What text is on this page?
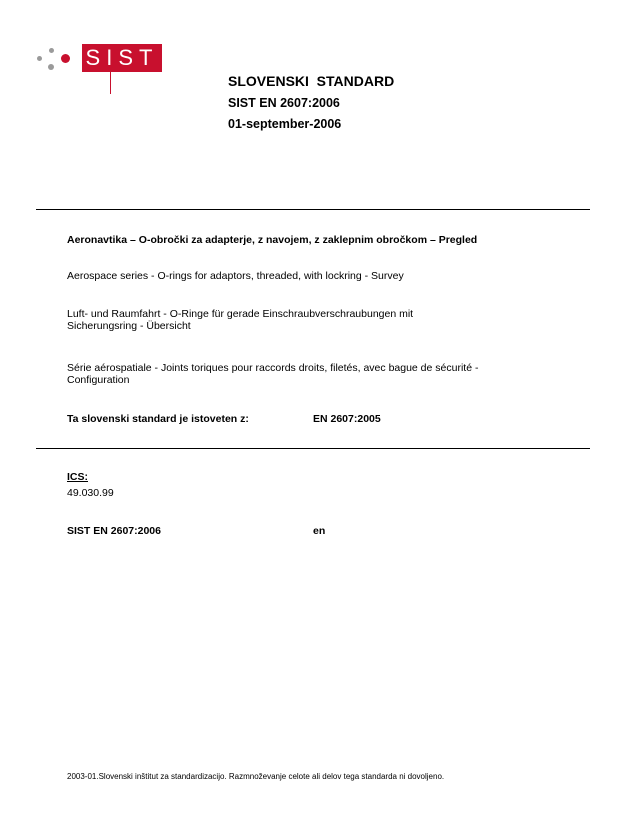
SIST
SLOVENSKI  STANDARD
SIST EN 2607:2006
01-september-2006
Aeronavtika – O-obročki za adapterje, z navojem, z zaklepnim obročkom – Pregled
Aerospace series - O-rings for adaptors, threaded, with lockring - Survey
Luft- und Raumfahrt - O-Ringe für gerade Einschraubverschraubungen mit
Sicherungsring - Übersicht
Série aérospatiale - Joints toriques pour raccords droits, filetés, avec bague de sécurité -
Configuration
Ta slovenski standard je istoveten z:	EN 2607:2005
ICS:
49.030.99
SIST EN 2607:2006	en
2003-01.Slovenski inštitut za standardizacijo. Razmnoževanje celote ali delov tega standarda ni dovoljeno.
